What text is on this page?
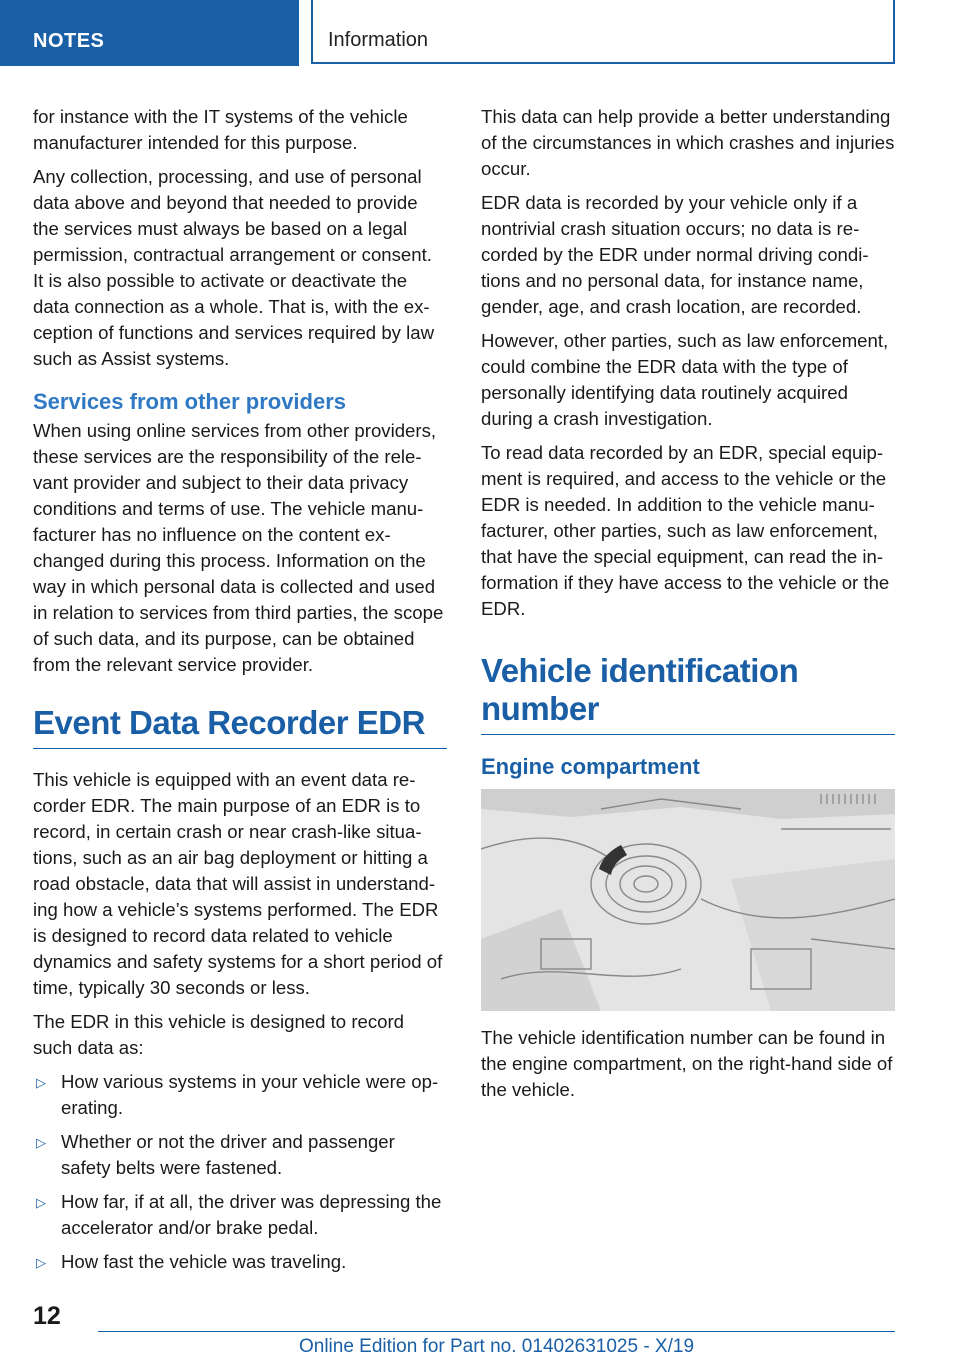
NOTES	Information

for instance with the IT systems of the vehicle manufacturer intended for this purpose.

Any collection, processing, and use of personal data above and beyond that needed to provide the services must always be based on a legal permission, contractual arrangement or consent. It is also possible to activate or deactivate the data connection as a whole. That is, with the exception of functions and services required by law such as Assist systems.

Services from other providers

When using online services from other providers, these services are the responsibility of the relevant provider and subject to their data privacy conditions and terms of use. The vehicle manufacturer has no influence on the content exchanged during this process. Information on the way in which personal data is collected and used in relation to services from third parties, the scope of such data, and its purpose, can be obtained from the relevant service provider.

Event Data Recorder EDR

This vehicle is equipped with an event data recorder EDR. The main purpose of an EDR is to record, in certain crash or near crash-like situations, such as an air bag deployment or hitting a road obstacle, data that will assist in understanding how a vehicle’s systems performed. The EDR is designed to record data related to vehicle dynamics and safety systems for a short period of time, typically 30 seconds or less.

The EDR in this vehicle is designed to record such data as:

▷ How various systems in your vehicle were operating.
▷ Whether or not the driver and passenger safety belts were fastened.
▷ How far, if at all, the driver was depressing the accelerator and/or brake pedal.
▷ How fast the vehicle was traveling.

This data can help provide a better understanding of the circumstances in which crashes and injuries occur.

EDR data is recorded by your vehicle only if a nontrivial crash situation occurs; no data is recorded by the EDR under normal driving conditions and no personal data, for instance name, gender, age, and crash location, are recorded.

However, other parties, such as law enforcement, could combine the EDR data with the type of personally identifying data routinely acquired during a crash investigation.

To read data recorded by an EDR, special equipment is required, and access to the vehicle or the EDR is needed. In addition to the vehicle manufacturer, other parties, such as law enforcement, that have the special equipment, can read the information if they have access to the vehicle or the EDR.

Vehicle identification number
Engine compartment

The vehicle identification number can be found in the engine compartment, on the right-hand side of the vehicle.

12
Online Edition for Part no. 01402631025 - X/19
